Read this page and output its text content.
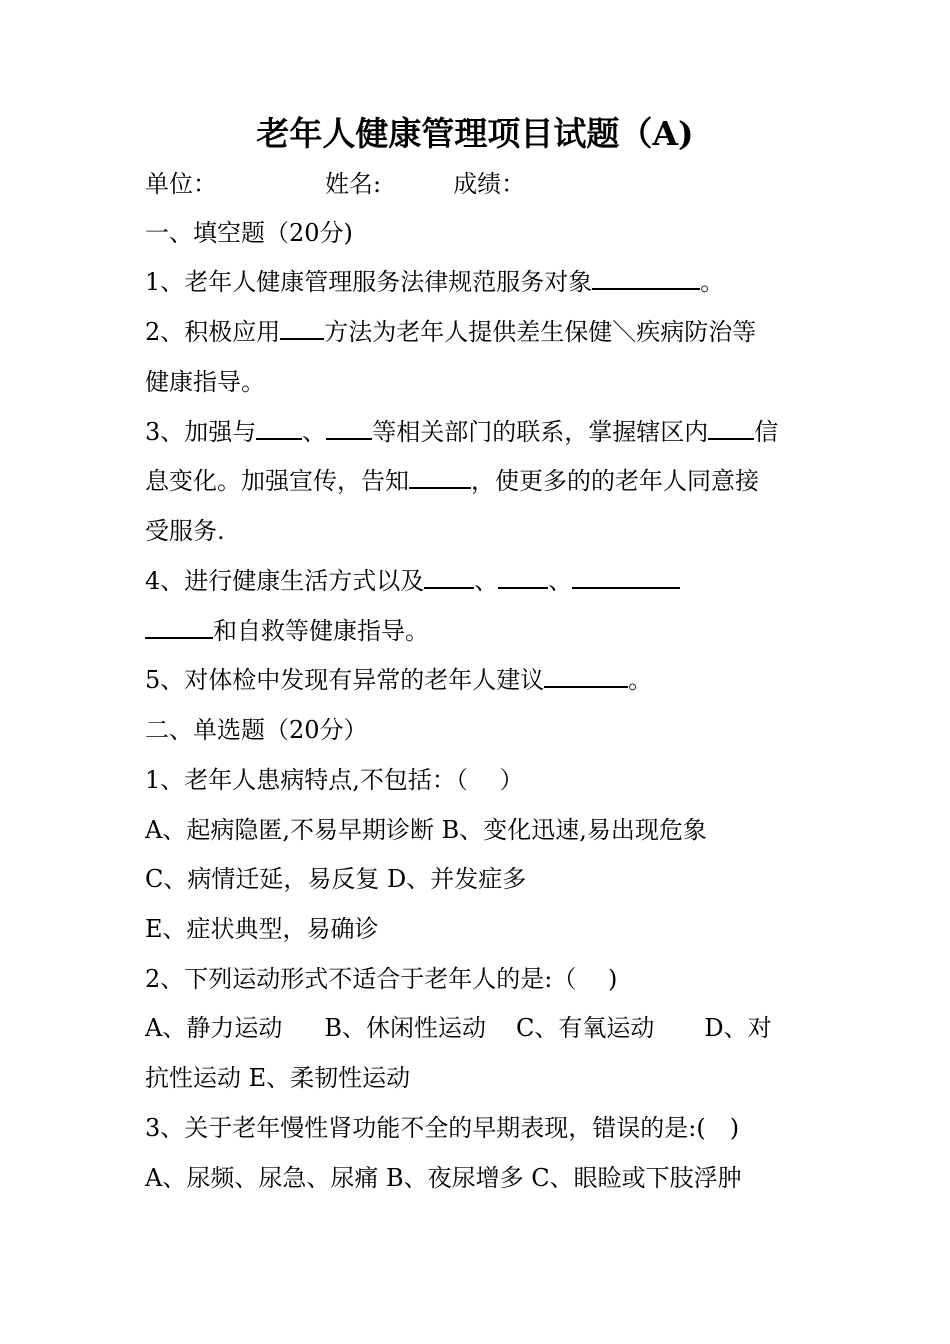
老年人健康管理项目试题（A)
单位：	姓名:	成绩：
一、填空题（20分)
1、老年人健康管理服务法律规范服务对象	。
2、积极应用 方法为老年人提供差生保健＼疾病防治等
健康指导。
3、加强与 、 等相关部门的联系，掌握辖区内 信
息变化。加强宣传，告知	，使更多的的老年人同意接
受服务.
4、进行健康生活方式以及 、 、
和自救等健康指导。
5、对体检中发现有异常的老年人建议	。
二、单选题（20分）
1、老年人患病特点,不包括：（　 ）
A、起病隐匿,不易早期诊断 B、变化迅速,易出现危象
C、病情迁延，易反复 D、并发症多
E、症状典型，易确诊
2、下列运动形式不适合于老年人的是:（　 )
A、静力运动 B、休闲性运动 C、有氧运动 D、对
抗性运动 E、柔韧性运动
3、关于老年慢性肾功能不全的早期表现，错误的是:(　)
A、尿频、尿急、尿痛 B、夜尿增多 C、眼睑或下肢浮肿
